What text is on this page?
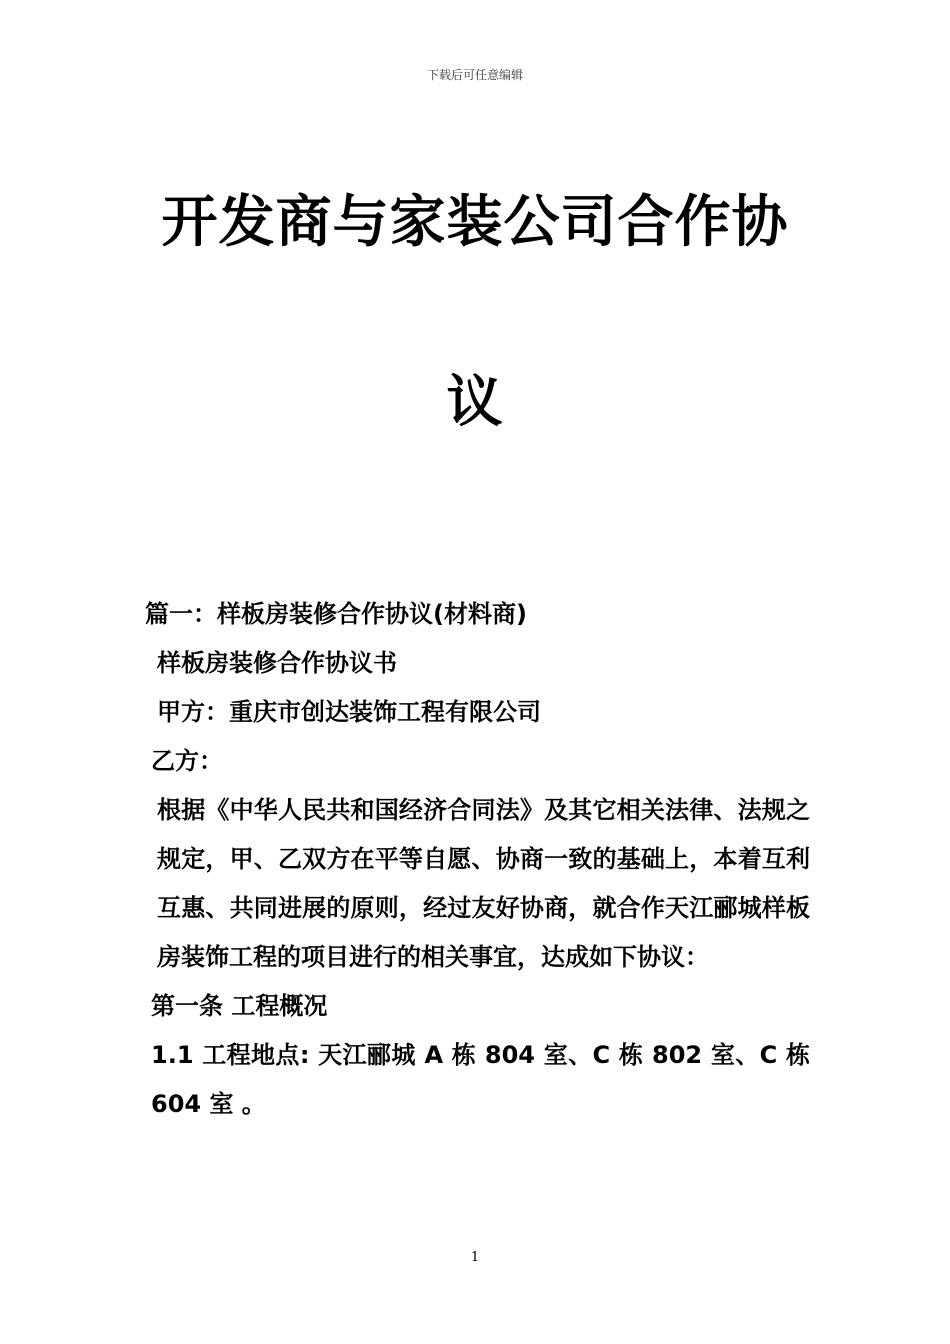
下载后可任意编辑
开发商与家装公司合作协
议

篇一：样板房装修合作协议(材料商)

样板房装修合作协议书

甲方：重庆市创达装饰工程有限公司

乙方：

根据《中华人民共和国经济合同法》及其它相关法律、法规之规定，甲、乙双方在平等自愿、协商一致的基础上，本着互利互惠、共同进展的原则，经过友好协商，就合作天江郦城样板房装饰工程的项目进行的相关事宜，达成如下协议：

第一条 工程概况

1.1 工程地点: 天江郦城 A 栋 804 室、C 栋 802 室、C 栋 604 室 。

1
